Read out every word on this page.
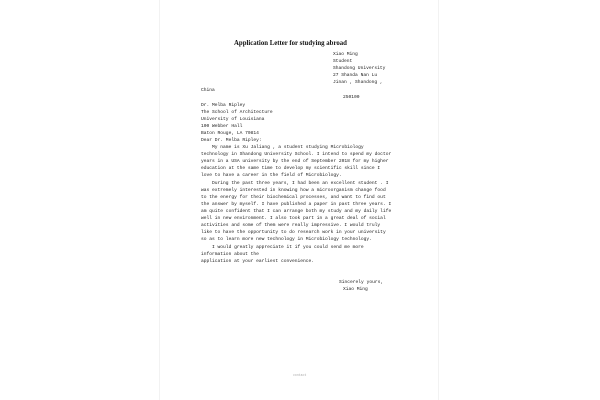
Application Letter for studying abroad
Xiao Ming
Student
Shandong University
27 Shanda Nan Lu
Jinan , Shandong ,
China
250100
Dr. Melba Ripley
The School of Architecture
University of Louisiana
100 Webber Hall
Baton Rouge, LA 70814
Dear Dr. Melba Ripley:
My name is Xu Jaliang , a student studying Microbiology
technology in Shandong University School. I intend to spend my doctor
years in a USA university by the end of September 2018 for my higher
education at the same time to develop my scientific skill since I
love to have a career in the field of Microbiology.
During the past three years, I had been an excellent student . I
was extremely interested in knowing how a microorganism change food
to the energy for their biochemical processes, and want to find out
the answer by myself. I have published a paper in past three years. I
am quite confident that I can arrange both my study and my daily life
well in new environment. I also took part in a great deal of social
activities and some of them were really impressive. I would truly
like to have the opportunity to do research work in your university
so as to learn more new technology in Microbiology technology.
I would greatly appreciate it if you could send me more
information about the
application at your earliest convenience.
Sincerely yours,
Xiao Ming
contact
